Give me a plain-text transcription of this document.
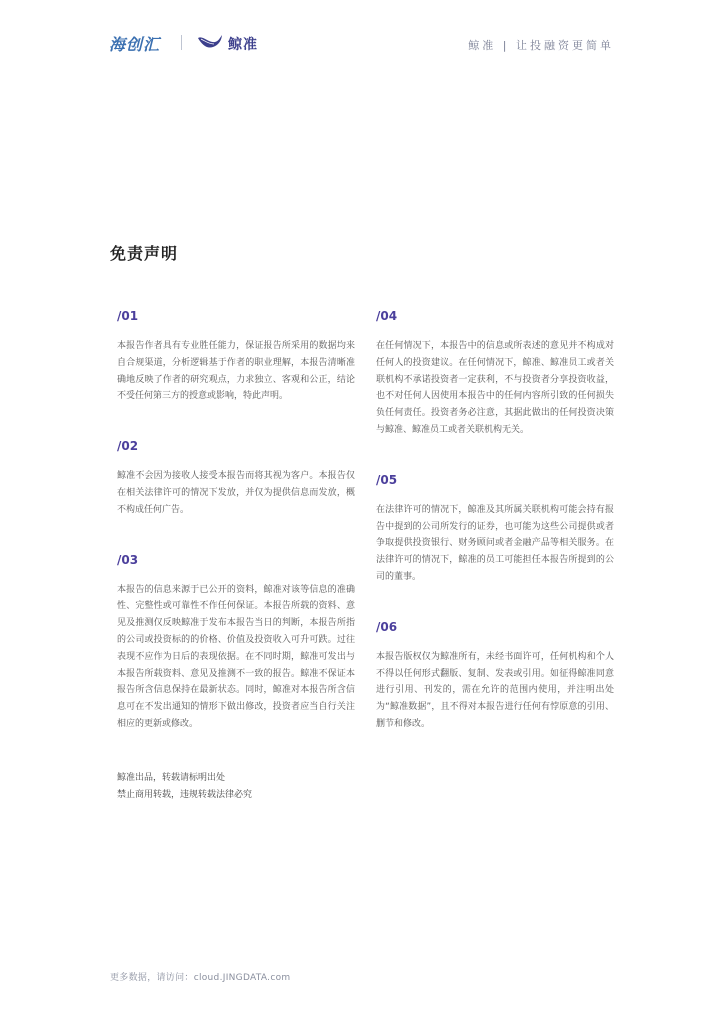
海创汇	鲸准	鲸准 | 让投融资更简单
免责声明

/01

本报告作者具有专业胜任能力，保证报告所采用的数据均来自合规渠道，分析逻辑基于作者的职业理解，本报告清晰准确地反映了作者的研究观点，力求独立、客观和公正，结论不受任何第三方的授意或影响，特此声明。

/02

鲸准不会因为接收人接受本报告而将其视为客户。本报告仅在相关法律许可的情况下发放，并仅为提供信息而发放，概不构成任何广告。

/03

本报告的信息来源于已公开的资料，鲸准对该等信息的准确性、完整性或可靠性不作任何保证。本报告所载的资料、意见及推测仅反映鲸准于发布本报告当日的判断，本报告所指的公司或投资标的的价格、价值及投资收入可升可跌。过往表现不应作为日后的表现依据。在不同时期，鲸准可发出与本报告所载资料、意见及推测不一致的报告。鲸准不保证本报告所含信息保持在最新状态。同时，鲸准对本报告所含信息可在不发出通知的情形下做出修改，投资者应当自行关注相应的更新或修改。

/04

在任何情况下，本报告中的信息或所表述的意见并不构成对任何人的投资建议。在任何情况下，鲸准、鲸准员工或者关联机构不承诺投资者一定获利，不与投资者分享投资收益，也不对任何人因使用本报告中的任何内容所引致的任何损失负任何责任。投资者务必注意，其据此做出的任何投资决策与鲸准、鲸准员工或者关联机构无关。

/05

在法律许可的情况下，鲸准及其所属关联机构可能会持有报告中提到的公司所发行的证券，也可能为这些公司提供或者争取提供投资银行、财务顾问或者金融产品等相关服务。在法律许可的情况下，鲸准的员工可能担任本报告所提到的公司的董事。

/06

本报告版权仅为鲸准所有，未经书面许可，任何机构和个人不得以任何形式翻版、复制、发表或引用。如征得鲸准同意进行引用、刊发的，需在允许的范围内使用，并注明出处为“鲸准数据”，且不得对本报告进行任何有悖原意的引用、删节和修改。

鲸准出品，转载请标明出处
禁止商用转载，违规转载法律必究
更多数据，请访问：cloud.JINGDATA.com
